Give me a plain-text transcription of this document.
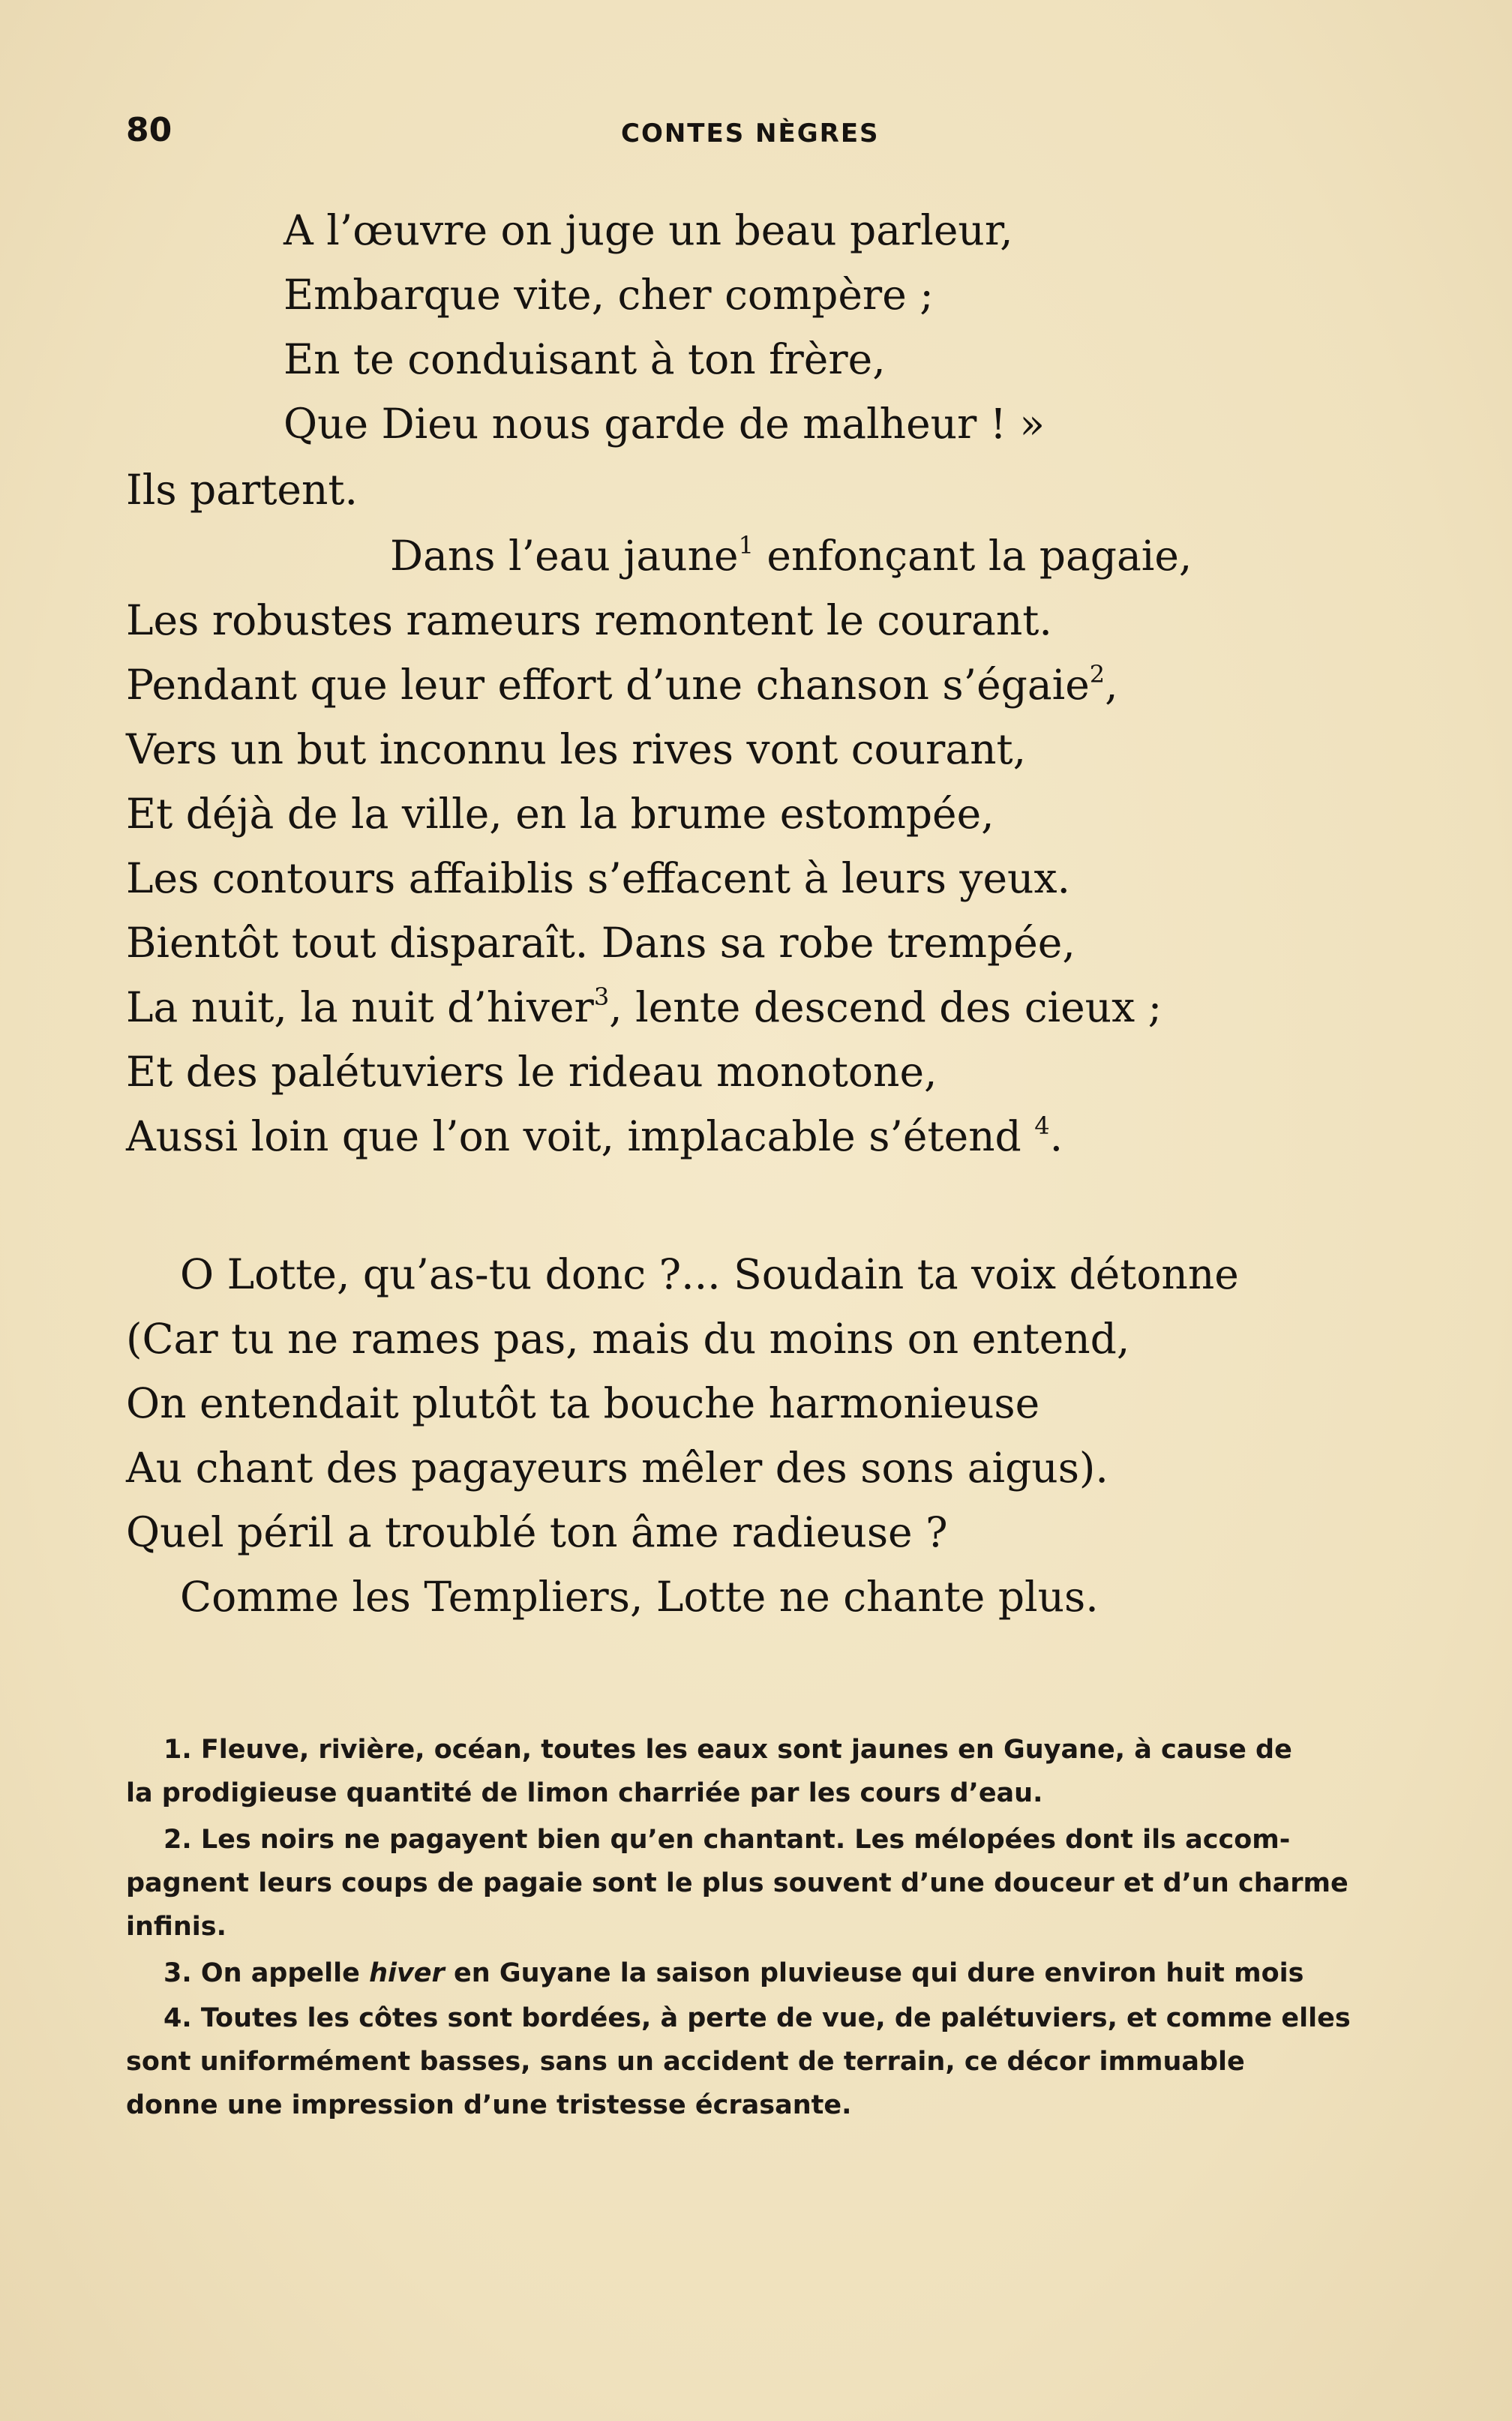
80	CONTES NÈGRES
A l’œuvre on juge un beau parleur,
Embarque vite, cher compère ;
En te conduisant à ton frère,
Que Dieu nous garde de malheur ! »
Ils partent.
Dans l’eau jaune$^1$ enfonçant la pagaie,
Les robustes rameurs remontent le courant.
Pendant que leur effort d’une chanson s’égaie$^2$,
Vers un but inconnu les rives vont courant,
Et déjà de la ville, en la brume estompée,
Les contours affaiblis s’effacent à leurs yeux.
Bientôt tout disparaît. Dans sa robe trempée,
La nuit, la nuit d’hiver$^3$, lente descend des cieux ;
Et des palétuviers le rideau monotone,
Aussi loin que l’on voit, implacable s’étend $^4$.
O Lotte, qu’as-tu donc ?... Soudain ta voix détonne
(Car tu ne rames pas, mais du moins on entend,
On entendait plutôt ta bouche harmonieuse
Au chant des pagayeurs mêler des sons aigus).
Quel péril a troublé ton âme radieuse ?
Comme les Templiers, Lotte ne chante plus.
1. Fleuve, rivière, océan, toutes les eaux sont jaunes en Guyane, à cause de
la prodigieuse quantité de limon charriée par les cours d’eau.
2. Les noirs ne pagayent bien qu’en chantant. Les mélopées dont ils accom-
pagnent leurs coups de pagaie sont le plus souvent d’une douceur et d’un charme
infinis.
3. On appelle hiver en Guyane la saison pluvieuse qui dure environ huit mois
4. Toutes les côtes sont bordées, à perte de vue, de palétuviers, et comme elles
sont uniformément basses, sans un accident de terrain, ce décor immuable
donne une impression d’une tristesse écrasante.
